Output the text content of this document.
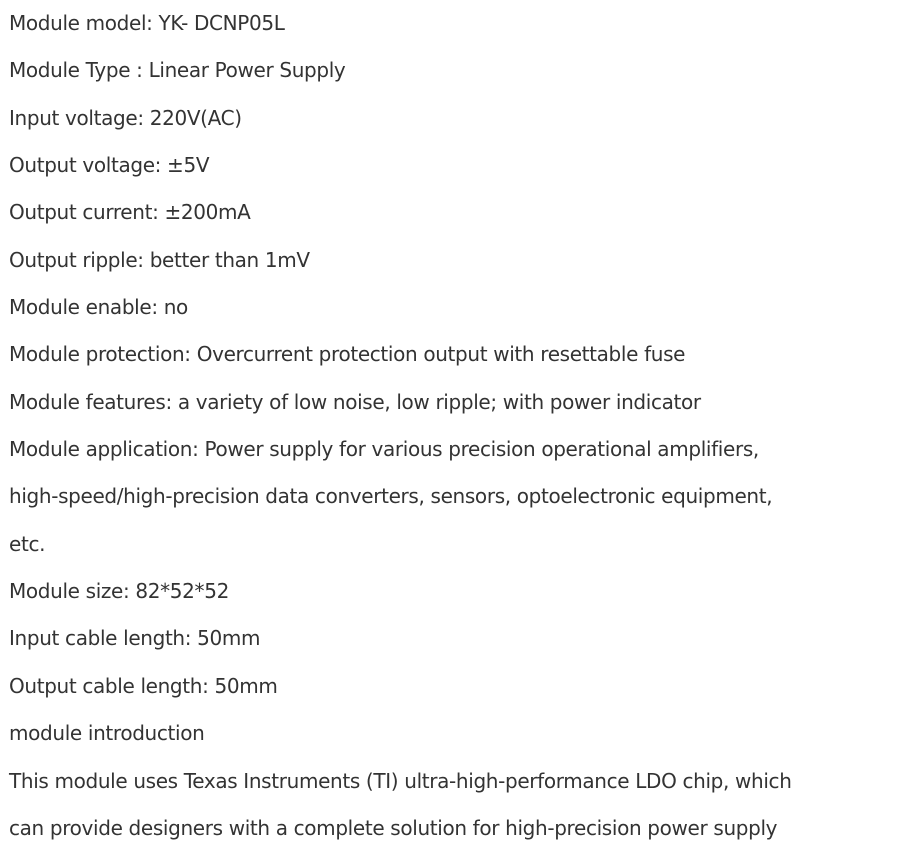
Module model: YK- DCNP05L
Module Type : Linear Power Supply
Input voltage: 220V(AC)
Output voltage: ±5V
Output current: ±200mA
Output ripple: better than 1mV
Module enable: no
Module protection: Overcurrent protection output with resettable fuse
Module features: a variety of low noise, low ripple; with power indicator
Module application: Power supply for various precision operational amplifiers,
high-speed/high-precision data converters, sensors, optoelectronic equipment,
etc.
Module size: 82*52*52
Input cable length: 50mm
Output cable length: 50mm
module introduction
This module uses Texas Instruments (TI) ultra-high-performance LDO chip, which
can provide designers with a complete solution for high-precision power supply
